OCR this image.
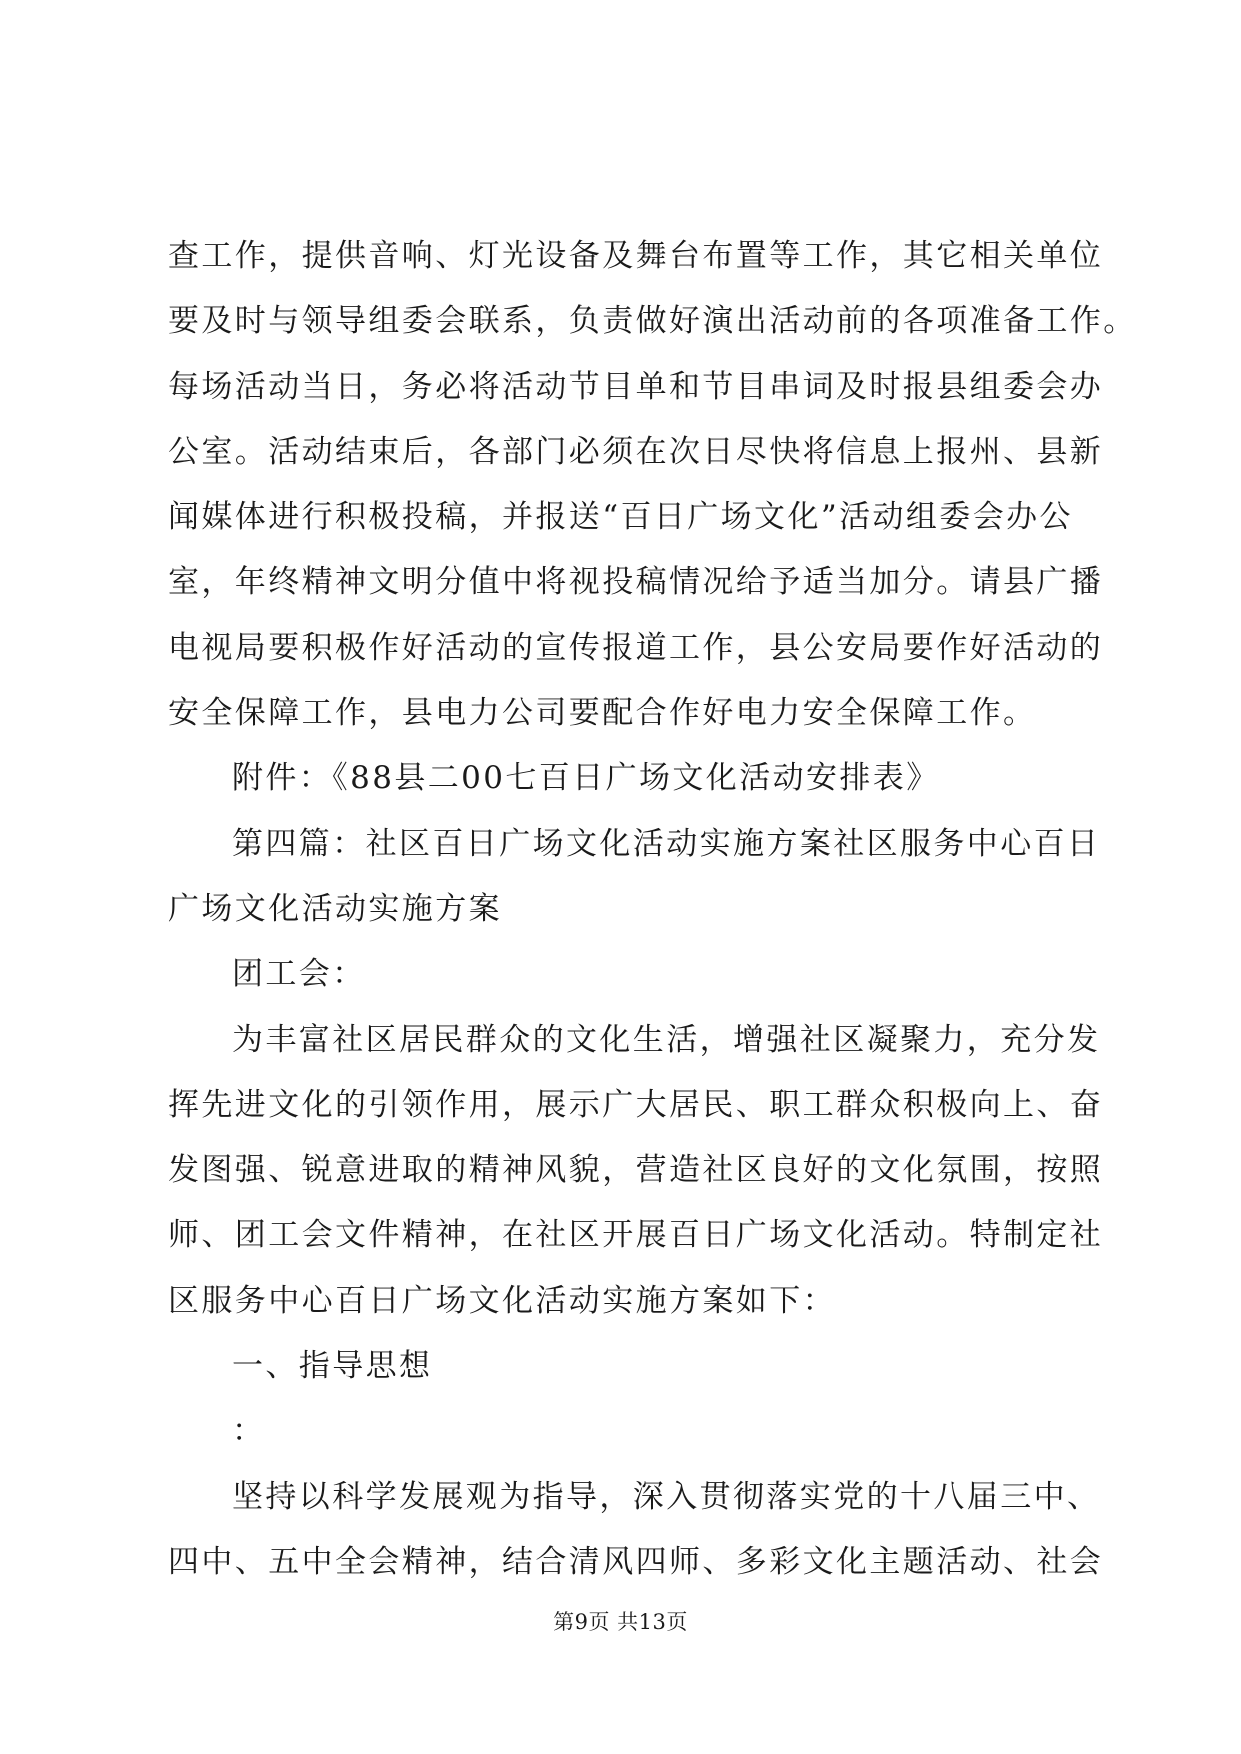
查工作，提供音响、灯光设备及舞台布置等工作，其它相关单位
要及时与领导组委会联系，负责做好演出活动前的各项准备工作。
每场活动当日，务必将活动节目单和节目串词及时报县组委会办
公室。活动结束后，各部门必须在次日尽快将信息上报州、县新
闻媒体进行积极投稿，并报送“百日广场文化”活动组委会办公
室，年终精神文明分值中将视投稿情况给予适当加分。请县广播
电视局要积极作好活动的宣传报道工作，县公安局要作好活动的
安全保障工作，县电力公司要配合作好电力安全保障工作。
附件：《88县二00七百日广场文化活动安排表》
第四篇：社区百日广场文化活动实施方案社区服务中心百日
广场文化活动实施方案
团工会：
为丰富社区居民群众的文化生活，增强社区凝聚力，充分发
挥先进文化的引领作用，展示广大居民、职工群众积极向上、奋
发图强、锐意进取的精神风貌，营造社区良好的文化氛围，按照
师、团工会文件精神，在社区开展百日广场文化活动。特制定社
区服务中心百日广场文化活动实施方案如下：
一、指导思想
：
坚持以科学发展观为指导，深入贯彻落实党的十八届三中、
四中、五中全会精神，结合清风四师、多彩文化主题活动、社会
第9页 共13页
